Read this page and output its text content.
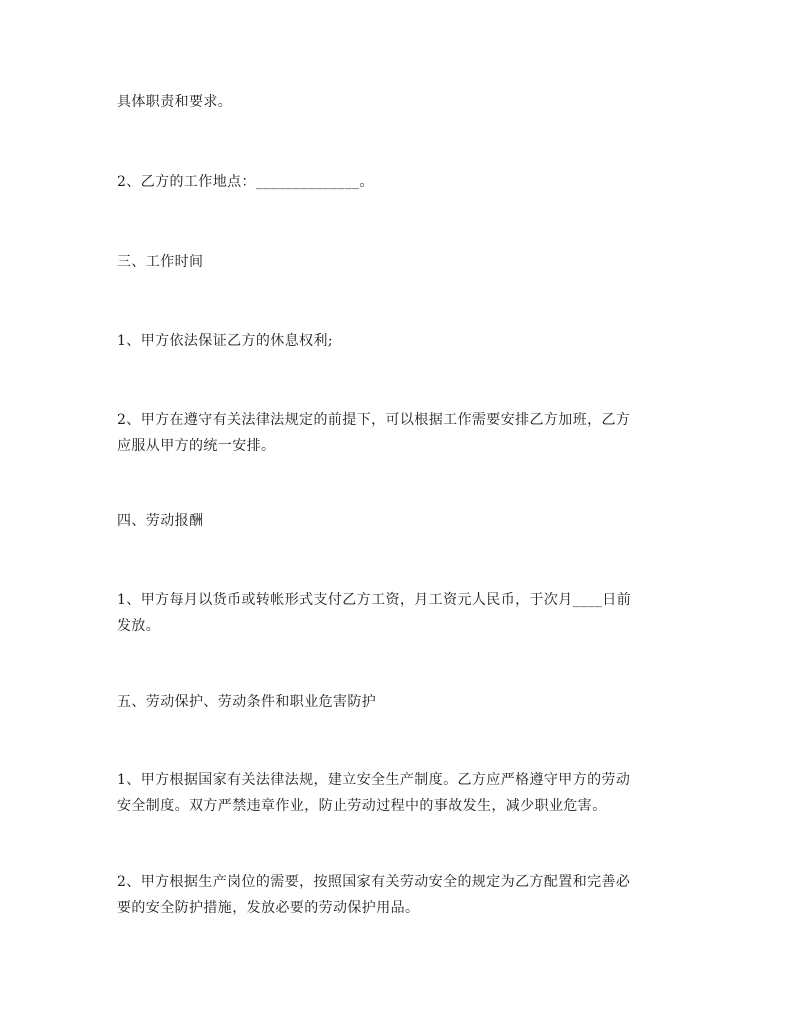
具体职责和要求。
2、乙方的工作地点：______________。
三、工作时间
1、甲方依法保证乙方的休息权利;
2、甲方在遵守有关法律法规定的前提下，可以根据工作需要安排乙方加班，乙方
应服从甲方的统一安排。
四、劳动报酬
1、甲方每月以货币或转帐形式支付乙方工资，月工资元人民币，于次月____日前
发放。
五、劳动保护、劳动条件和职业危害防护
1、甲方根据国家有关法律法规，建立安全生产制度。乙方应严格遵守甲方的劳动
安全制度。双方严禁违章作业，防止劳动过程中的事故发生，减少职业危害。
2、甲方根据生产岗位的需要，按照国家有关劳动安全的规定为乙方配置和完善必
要的安全防护措施，发放必要的劳动保护用品。
